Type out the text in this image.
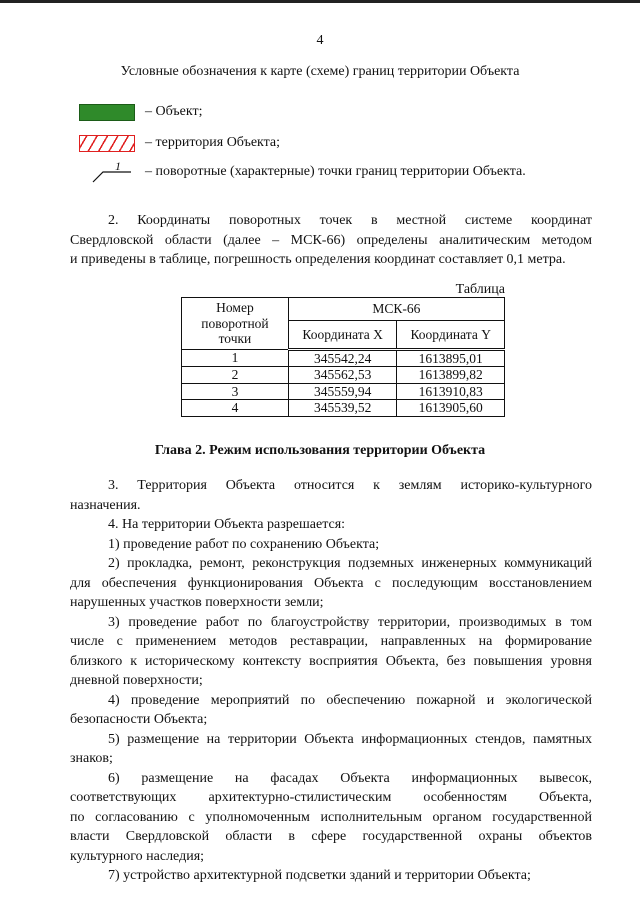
4
Условные обозначения к карте (схеме) границ территории Объекта
– Объект;
– территория Объекта;
1 – поворотные (характерные) точки границ территории Объекта.
2. Координаты поворотных точек в местной системе координат
Свердловской области (далее – МСК-66) определены аналитическим методом
и приведены в таблице, погрешность определения координат составляет 0,1 метра.
Таблица
Номер поворотной точки	МСК-66	
	Координата X	Координата Y
1	345542,24	1613895,01
2	345562,53	1613899,82
3	345559,94	1613910,83
4	345539,52	1613905,60
Глава 2. Режим использования территории Объекта
3. Территория Объекта относится к землям историко-культурного
назначения.
4. На территории Объекта разрешается:
1) проведение работ по сохранению Объекта;
2) прокладка, ремонт, реконструкция подземных инженерных коммуникаций
для обеспечения функционирования Объекта с последующим восстановлением
нарушенных участков поверхности земли;
3) проведение работ по благоустройству территории, производимых в том
числе с применением методов реставрации, направленных на формирование
близкого к историческому контексту восприятия Объекта, без повышения уровня
дневной поверхности;
4) проведение мероприятий по обеспечению пожарной и экологической
безопасности Объекта;
5) размещение на территории Объекта информационных стендов, памятных
знаков;
6) размещение на фасадах Объекта информационных вывесок,
соответствующих архитектурно-стилистическим особенностям Объекта,
по согласованию с уполномоченным исполнительным органом государственной
власти Свердловской области в сфере государственной охраны объектов
культурного наследия;
7) устройство архитектурной подсветки зданий и территории Объекта;
